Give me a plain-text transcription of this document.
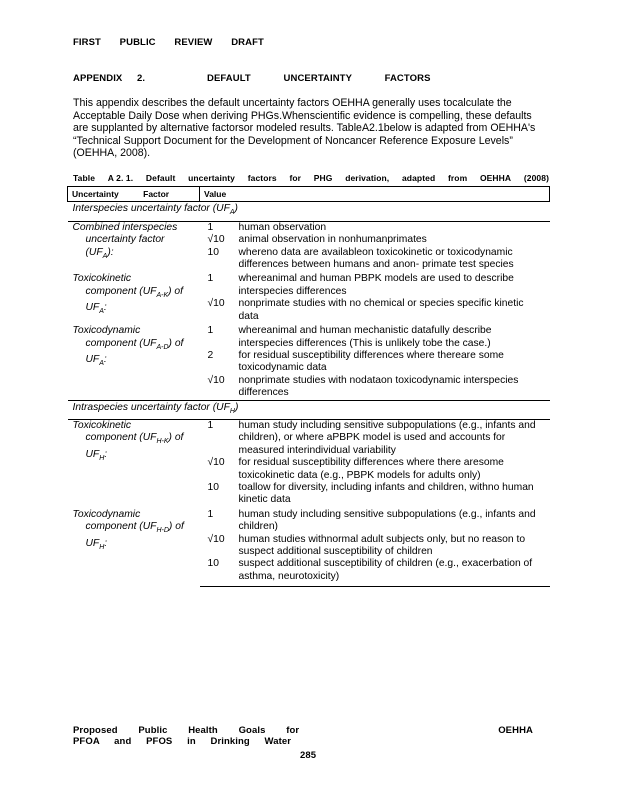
FIRST PUBLIC REVIEW DRAFT
APPENDIX	2.	DEFAULT UNCERTAINTY FACTORS
This appendix describes the default uncertainty factors OEHHA generally uses tocalculate the Acceptable Daily Dose when deriving PHGs.Whenscientific evidence is compelling, these defaults are supplanted by alternative factorsor modeled results. TableA2.1below is adapted from OEHHA's “Technical Support Document for the Development of Noncancer Reference Exposure Levels” (OEHHA, 2008).
Table A 2. 1. Default uncertainty factors for PHG derivation, adapted from OEHHA (2008)
Uncertainty Factor	Value	
Interspecies uncertainty factor $(UF_A)$		

Combined interspecies
uncertainty factor
$(UF_A)$:	1	human observation
	√10	animal observation in nonhumanprimates
	10	whereno data are availableon toxicokinetic or toxicodynamic differences between humans and anon- primate test species

Toxicokinetic
component $(UF_{A-K})$ of
$UF_A$:	1	whereanimal and human PBPK models are used to describe interspecies differences
	√10	nonprimate studies with no chemical or species specific kinetic data

Toxicodynamic
component $(UF_{A-D})$ of
$UF_A$:	1	whereanimal and human mechanistic datafully describe interspecies differences (This is unlikely tobe the case.)
	2	for residual susceptibility differences where thereare some toxicodynamic data
	√10	nonprimate studies with nodataon toxicodynamic interspecies differences
Intraspecies uncertainty factor $(UF_H)$		

Toxicokinetic
component $(UF_{H-K})$ of
$UF_H$:	1	human study including sensitive subpopulations (e.g., infants and children), or where aPBPK model is used and accounts for measured interindividual variability
	√10	for residual susceptibility differences where there aresome toxicokinetic data (e.g., PBPK models for adults only)
	10	toallow for diversity, including infants and children, withno human kinetic data

Toxicodynamic
component $(UF_{H-D})$ of
$UF_H$:	1	human study including sensitive subpopulations (e.g., infants and children)
	√10	human studies withnormal adult subjects only, but no reason to suspect additional susceptibility of children
	10	suspect additional susceptibility of children (e.g., exacerbation of asthma, neurotoxicity)
Proposed Public Health Goals for	OEHHA
PFOA and PFOS in Drinking Water
285
